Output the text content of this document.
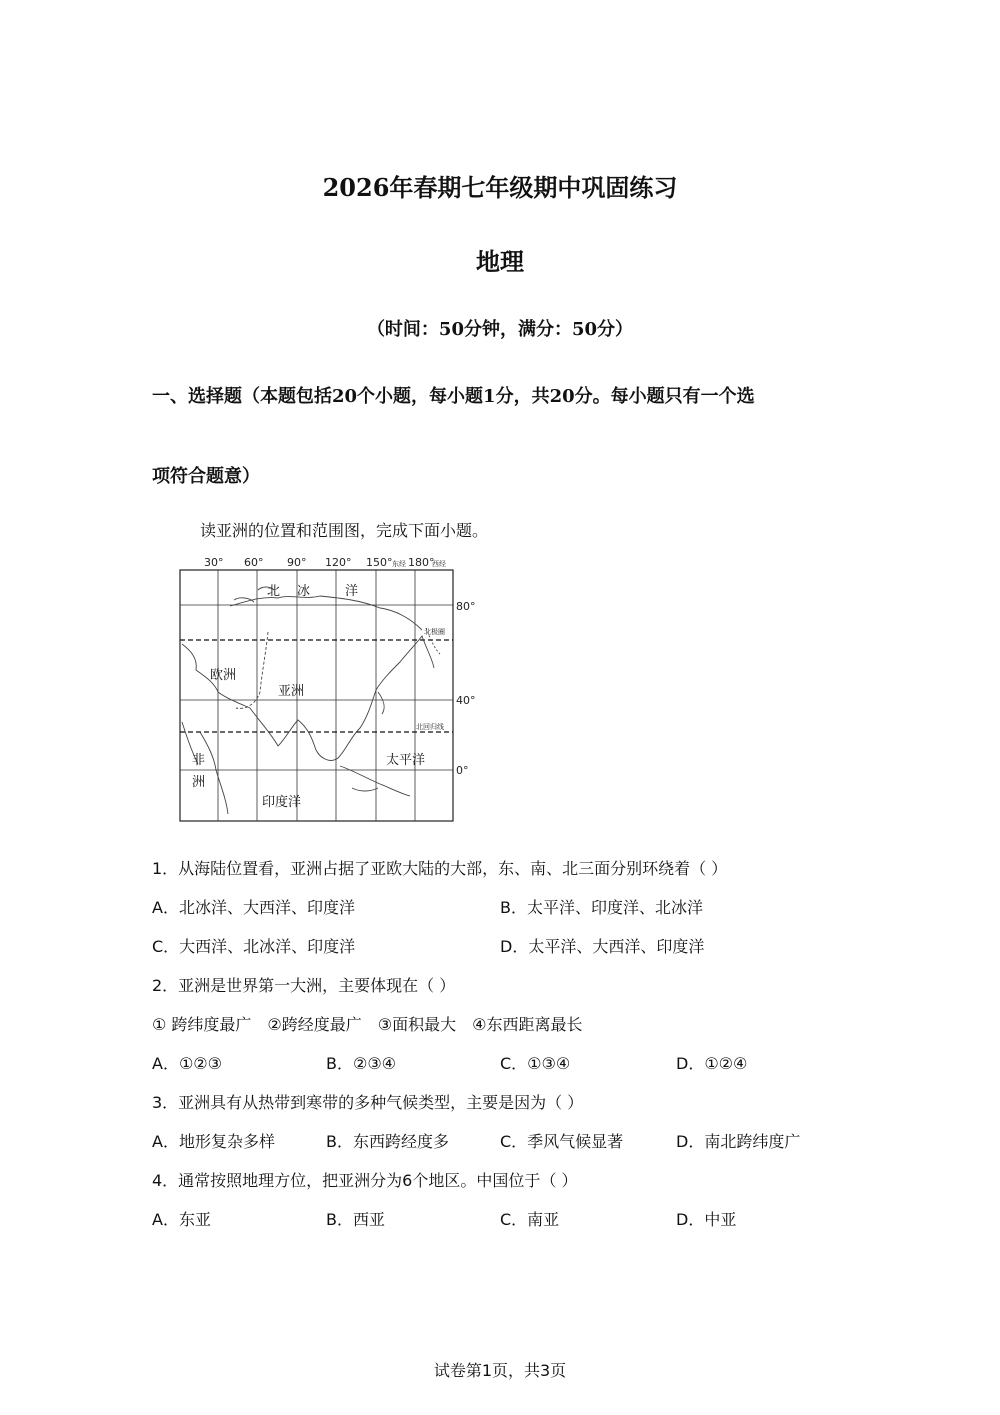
2026年春期七年级期中巩固练习
地理
（时间：50分钟，满分：50分）
一、选择题（本题包括20个小题，每小题1分，共20分。每小题只有一个选
项符合题意）
读亚洲的位置和范围图，完成下面小题。
30° 60° 90° 120° 150° 东经 180°
西经
80°
北极圈
40°
北回归线
0°
北 冰	洋
欧洲
亚洲
非
洲
太平洋
印度洋
1．从海陆位置看，亚洲占据了亚欧大陆的大部，东、南、北三面分别环绕着（ ）
A．北冰洋、大西洋、印度洋	B．太平洋、印度洋、北冰洋
C．大西洋、北冰洋、印度洋	D．太平洋、大西洋、印度洋
2．亚洲是世界第一大洲，主要体现在（ ）
① 跨纬度最广　②跨经度最广　③面积最大　④东西距离最长
A．①②③	B．②③④	C．①③④	D．①②④
3．亚洲具有从热带到寒带的多种气候类型，主要是因为（ ）
A．地形复杂多样	B．东西跨经度多	C．季风气候显著	D．南北跨纬度广
4．通常按照地理方位，把亚洲分为6个地区。中国位于（ ）
A．东亚	B．西亚	C．南亚	D．中亚
试卷第1页，共3页
